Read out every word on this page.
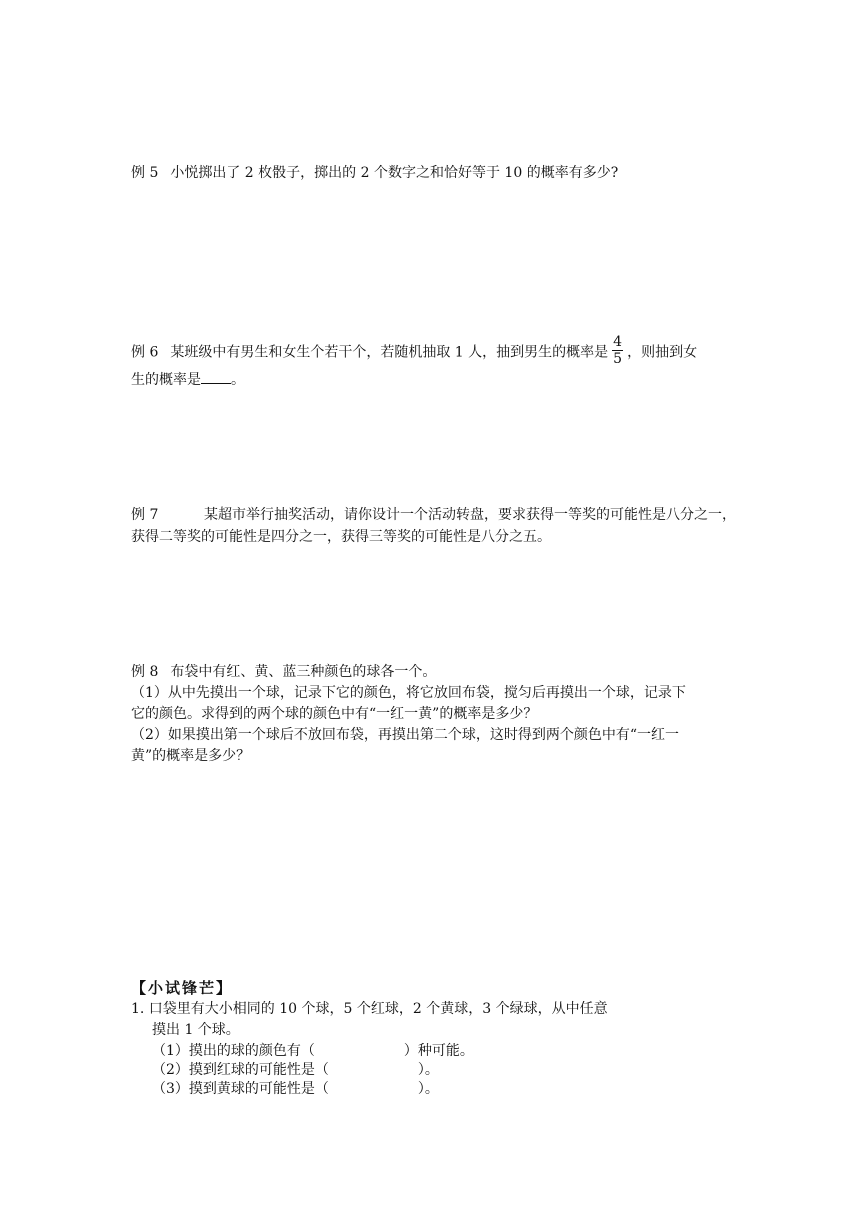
例 5 小悦掷出了 2 枚骰子，掷出的 2 个数字之和恰好等于 10 的概率有多少?
例 6 某班级中有男生和女生个若干个，若随机抽取 1 人，抽到男生的概率是 $\frac{4}{5}$ ，则抽到女
生的概率是 。
例 7	某超市举行抽奖活动，请你设计一个活动转盘，要求获得一等奖的可能性是八分之一，
获得二等奖的可能性是四分之一，获得三等奖的可能性是八分之五。
例 8 布袋中有红、黄、蓝三种颜色的球各一个。
（1）从中先摸出一个球，记录下它的颜色，将它放回布袋，搅匀后再摸出一个球，记录下
它的颜色。求得到的两个球的颜色中有“一红一黄”的概率是多少？
（2）如果摸出第一个球后不放回布袋，再摸出第二个球，这时得到两个颜色中有“一红一
黄”的概率是多少？
【小试锋芒】
1. 口袋里有大小相同的 10 个球，5 个红球，2 个黄球，3 个绿球，从中任意
摸出 1 个球。
（1）摸出的球的颜色有（                    ）种可能。
（2）摸到红球的可能性是（                    ）。
（3）摸到黄球的可能性是（                    ）。
